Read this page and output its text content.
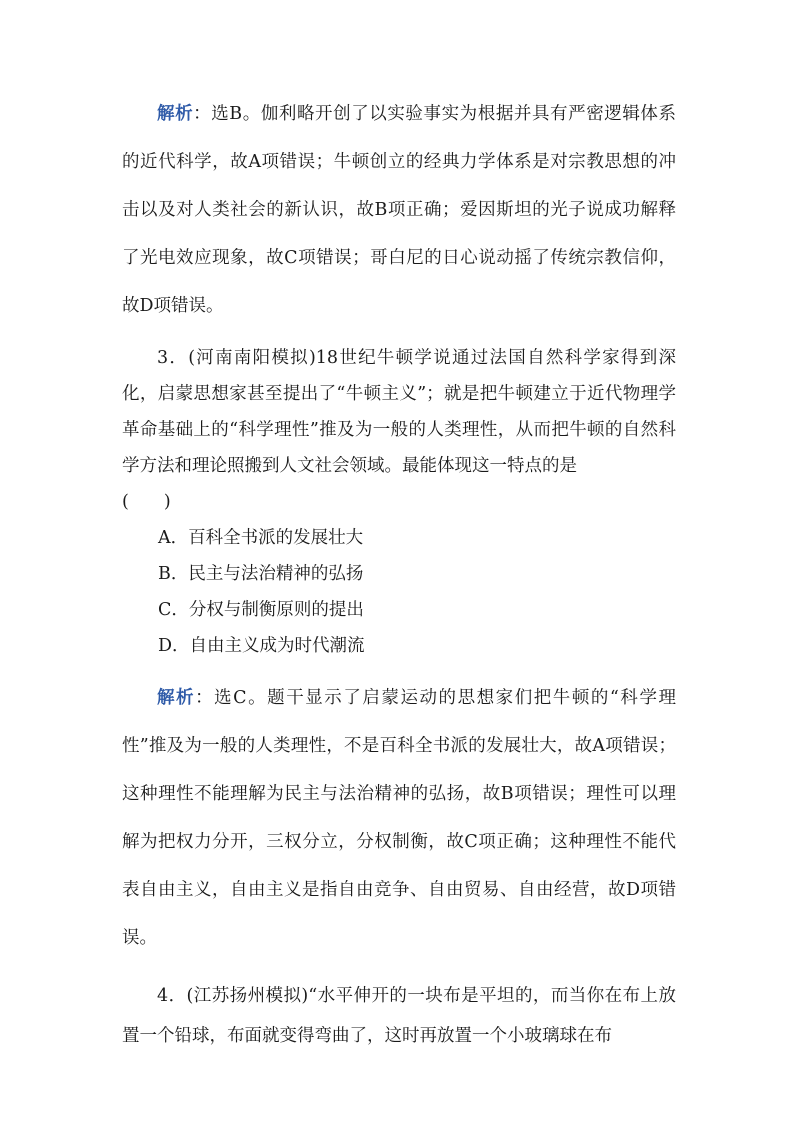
解析：选B。伽利略开创了以实验事实为根据并具有严密逻辑体系的近代科学，故A项错误；牛顿创立的经典力学体系是对宗教思想的冲击以及对人类社会的新认识，故B项正确；爱因斯坦的光子说成功解释了光电效应现象，故C项错误；哥白尼的日心说动摇了传统宗教信仰，故D项错误。

3．(河南南阳模拟)18世纪牛顿学说通过法国自然科学家得到深化，启蒙思想家甚至提出了“牛顿主义”；就是把牛顿建立于近代物理学革命基础上的“科学理性”推及为一般的人类理性，从而把牛顿的自然科学方法和理论照搬到人文社会领域。最能体现这一特点的是

(　　)

A．百科全书派的发展壮大
B．民主与法治精神的弘扬
C．分权与制衡原则的提出
D．自由主义成为时代潮流

解析：选C。题干显示了启蒙运动的思想家们把牛顿的“科学理性”推及为一般的人类理性，不是百科全书派的发展壮大，故A项错误；这种理性不能理解为民主与法治精神的弘扬，故B项错误；理性可以理解为把权力分开，三权分立，分权制衡，故C项正确；这种理性不能代表自由主义，自由主义是指自由竞争、自由贸易、自由经营，故D项错误。

4．(江苏扬州模拟)“水平伸开的一块布是平坦的，而当你在布上放置一个铅球，布面就变得弯曲了，这时再放置一个小玻璃球在布
